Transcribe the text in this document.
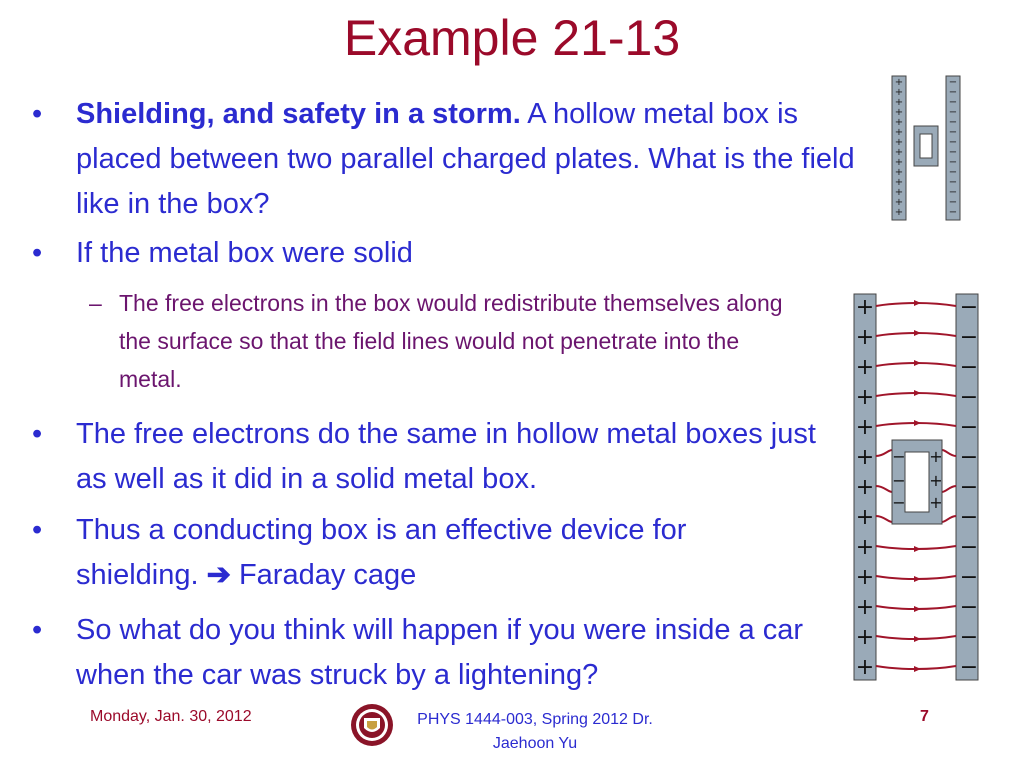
Example 21-13
• Shielding, and safety in a storm. A hollow metal box is placed between two parallel charged plates. What is the field like in the box?
• If the metal box were solid
– The free electrons in the box would redistribute themselves along the surface so that the field lines would not penetrate into the metal.
• The free electrons do the same in hollow metal boxes just as well as it did in a solid metal box.
• Thus a conducting box is an effective device for shielding. ➔ Faraday cage
• So what do you think will happen if you were inside a car when the car was struck by a lightening?
+
+
+
+
+
+
+
+
+
+
+
+
+
+
−
−
−
−
−
−
−
−
−
−
−
−
−
−
+
+
+
+
+
+
+
+
+
+
+
+
+
−
−
−
−
−
−
−
−
−
−
−
−
−
− +
− +
− +
Monday, Jan. 30, 2012	PHYS 1444-003, Spring 2012 Dr. Jaehoon Yu
7
